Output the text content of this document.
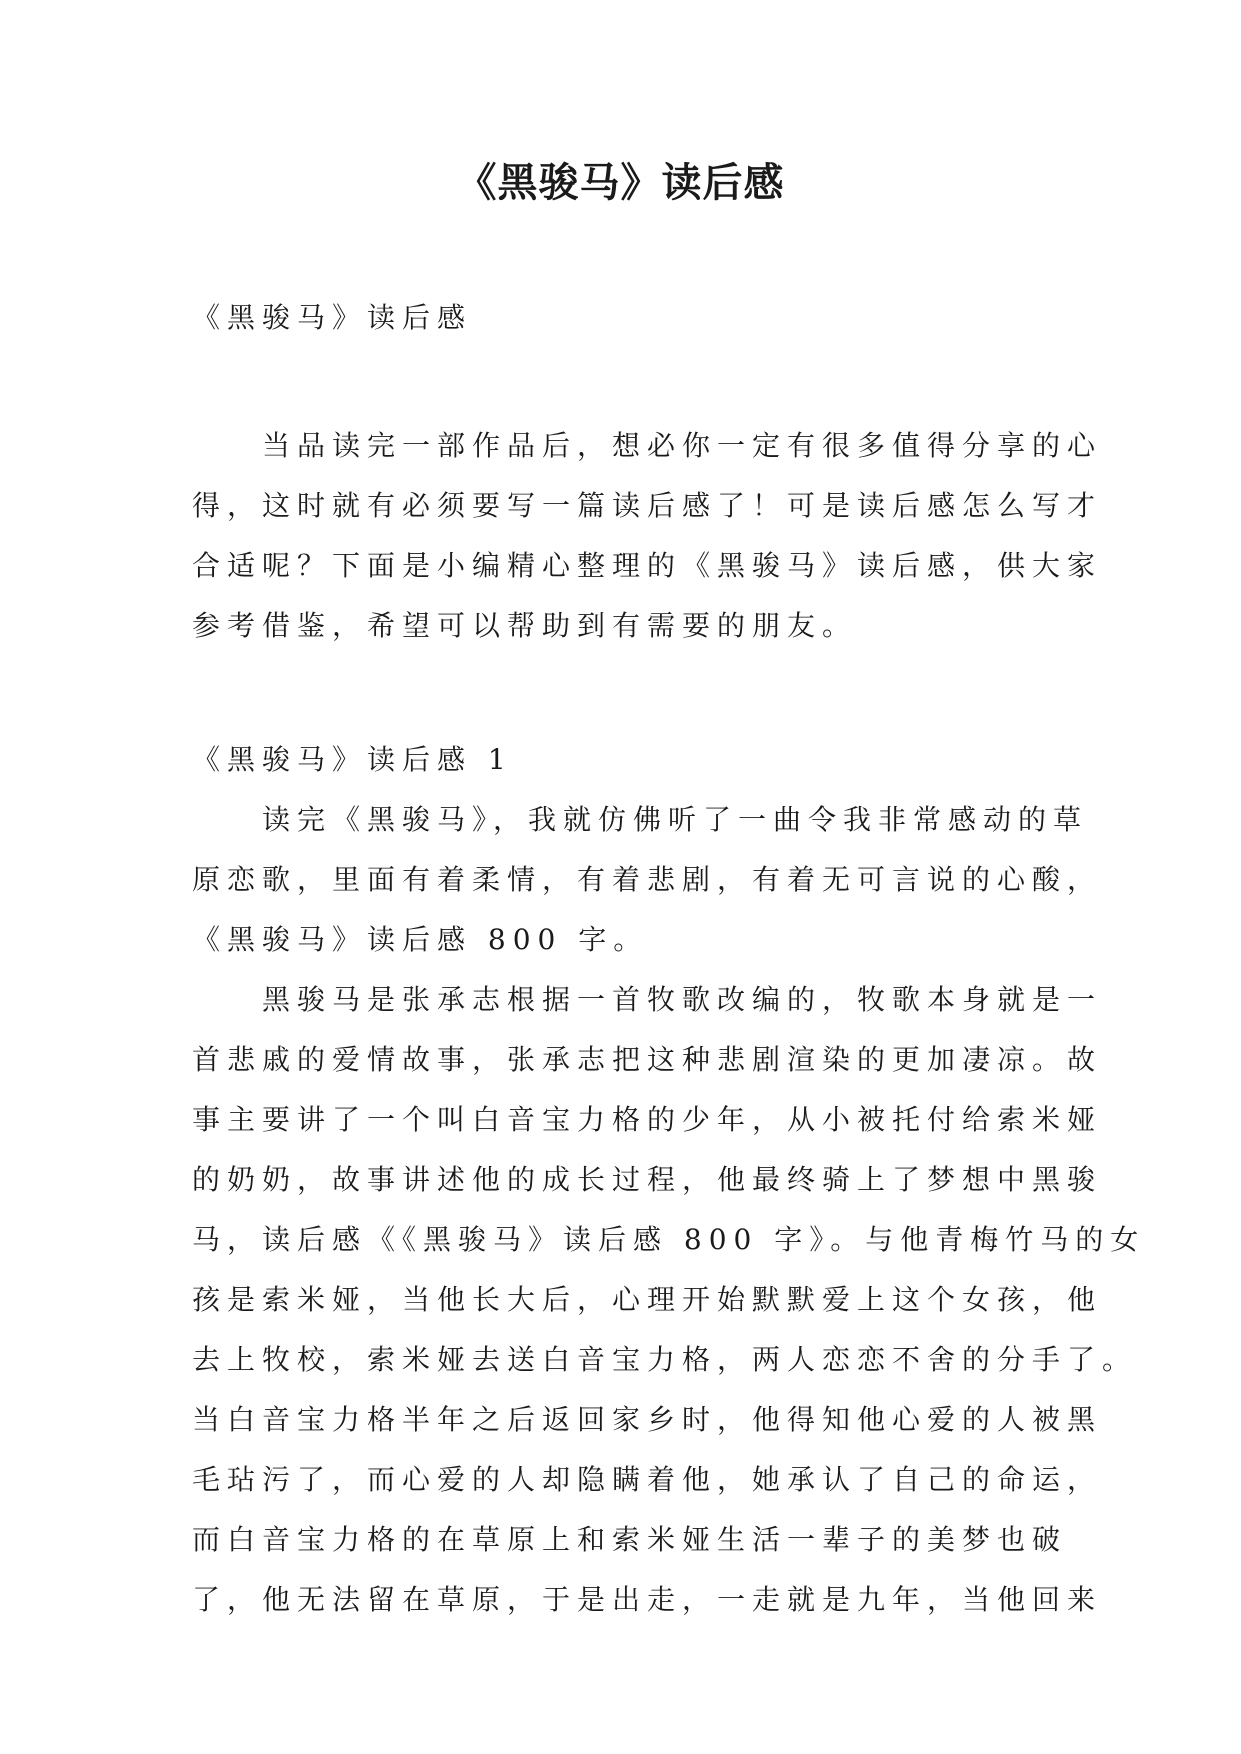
《黑骏马》读后感
《黑骏马》读后感
当品读完一部作品后，想必你一定有很多值得分享的心
得，这时就有必须要写一篇读后感了！可是读后感怎么写才
合适呢？下面是小编精心整理的《黑骏马》读后感，供大家
参考借鉴，希望可以帮助到有需要的朋友。
《黑骏马》读后感 1
读完《黑骏马》，我就仿佛听了一曲令我非常感动的草
原恋歌，里面有着柔情，有着悲剧，有着无可言说的心酸，
《黑骏马》读后感 800 字。
黑骏马是张承志根据一首牧歌改编的，牧歌本身就是一
首悲戚的爱情故事，张承志把这种悲剧渲染的更加凄凉。故
事主要讲了一个叫白音宝力格的少年，从小被托付给索米娅
的奶奶，故事讲述他的成长过程，他最终骑上了梦想中黑骏
马，读后感《《黑骏马》读后感 800 字》。与他青梅竹马的女
孩是索米娅，当他长大后，心理开始默默爱上这个女孩，他
去上牧校，索米娅去送白音宝力格，两人恋恋不舍的分手了。
当白音宝力格半年之后返回家乡时，他得知他心爱的人被黑
毛玷污了，而心爱的人却隐瞒着他，她承认了自己的命运，
而白音宝力格的在草原上和索米娅生活一辈子的美梦也破
了，他无法留在草原，于是出走，一走就是九年，当他回来
